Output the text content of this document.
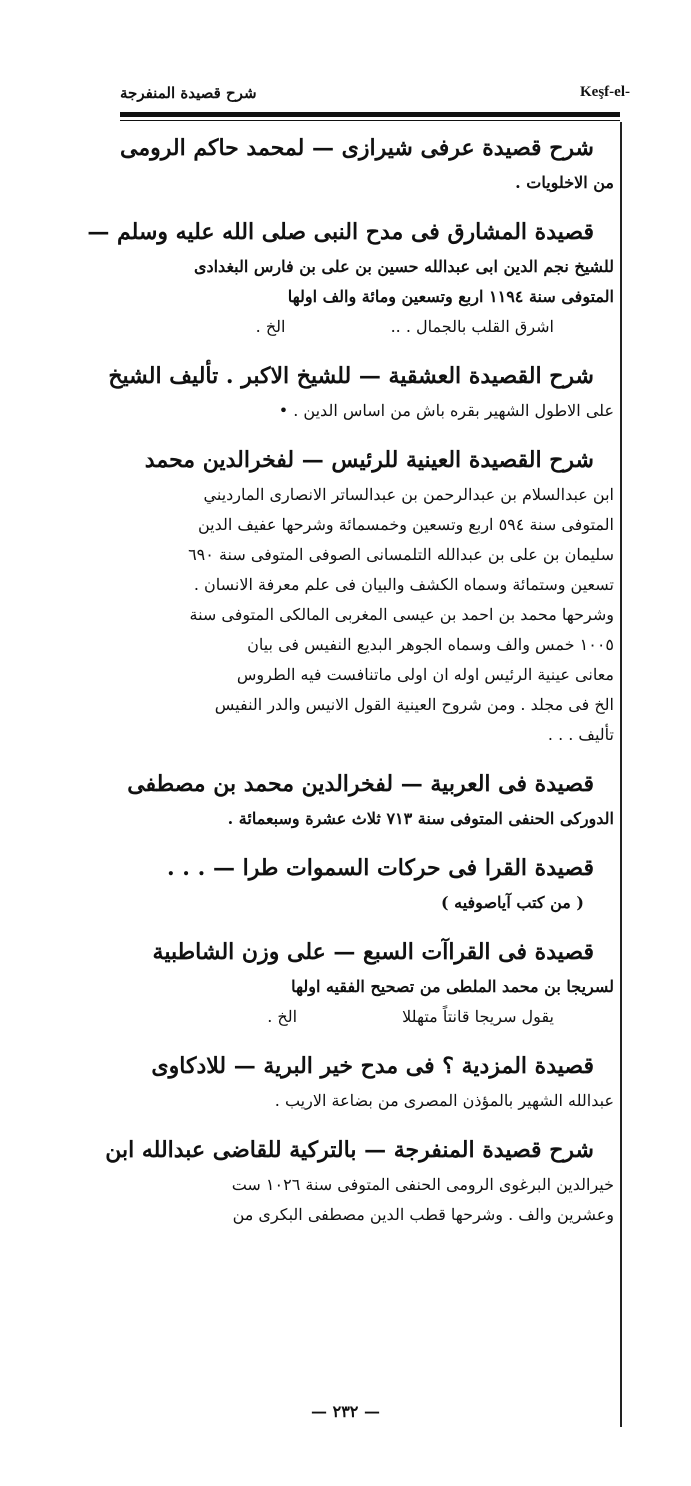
شرح قصيدة المنفرجة	Keşf-el-
شرح قصيدة عرفى شيرازى — لمحمد حاكم الرومى
من الاخلويات .
قصيدة المشارق فى مدح النبى صلى الله عليه وسلم —
للشيخ نجم الدين ابى عبدالله حسين بن على بن فارس البغدادى
المتوفى سنة ١١٩٤ اربع وتسعين ومائة والف اولها
اشرق القلب بالجمال . .. الخ .
شرح القصيدة العشقية — للشيخ الاكبر . تأليف الشيخ
على الاطول الشهير بقره باش من اساس الدين . •
شرح القصيدة العينية للرئيس — لفخرالدين محمد
ابن عبدالسلام بن عبدالرحمن بن عبدالساتر الانصارى المارديني
المتوفى سنة ٥٩٤ اربع وتسعين وخمسمائة وشرحها عفيف الدين
سليمان بن على بن عبدالله التلمسانى الصوفى المتوفى سنة ٦٩٠
تسعين وستمائة وسماه الكشف والبيان فى علم معرفة الانسان .
وشرحها محمد بن احمد بن عيسى المغربى المالكى المتوفى سنة
١٠٠٥ خمس والف وسماه الجوهر البديع النفيس فى بيان
معانى عينية الرئيس اوله ان اولى ماتنافست فيه الطروس
الخ فى مجلد . ومن شروح العينية القول الانيس والدر النفيس
تأليف . . .
قصيدة فى العربية — لفخرالدين محمد بن مصطفى
الدوركى الحنفى المتوفى سنة ٧١٣ ثلاث عشرة وسبعمائة .
قصيدة القرا فى حركات السموات طرا — . . .
( من كتب آياصوفيه )
قصيدة فى القراآت السبع — على وزن الشاطبية
لسريجا بن محمد الملطى من تصحيح الفقيه اولها
يقول سريجا قانتاً متهللا الخ .
قصيدة المزدية ؟ فى مدح خير البرية — للادكاوى
عبدالله الشهير بالمؤذن المصرى من بضاعة الاريب .
شرح قصيدة المنفرجة — بالتركية للقاضى عبدالله ابن
خيرالدين البرغوى الرومى الحنفى المتوفى سنة ١٠٢٦ ست
وعشرين والف . وشرحها قطب الدين مصطفى البكرى من
— ٢٣٢ —
